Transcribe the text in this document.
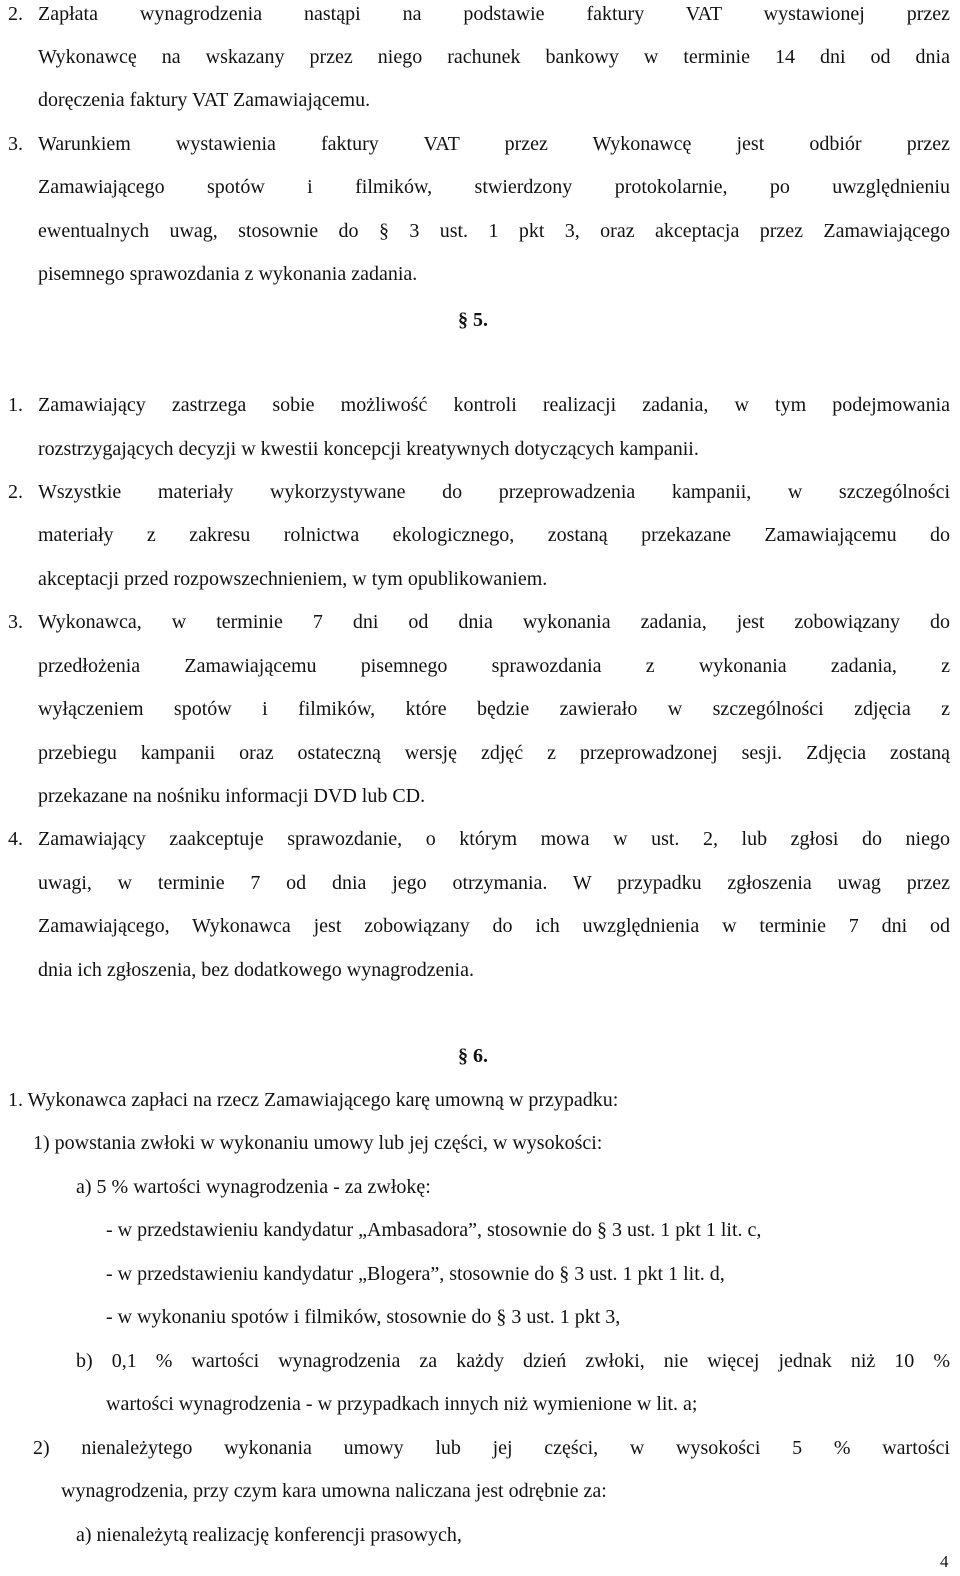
2. Zapłata wynagrodzenia nastąpi na podstawie faktury VAT wystawionej przez
Wykonawcę na wskazany przez niego rachunek bankowy w terminie 14 dni od dnia
doręczenia faktury VAT Zamawiającemu.
3. Warunkiem wystawienia faktury VAT przez Wykonawcę jest odbiór przez
Zamawiającego spotów i filmików, stwierdzony protokolarnie, po uwzględnieniu
ewentualnych uwag, stosownie do § 3 ust. 1 pkt 3, oraz akceptacja przez Zamawiającego
pisemnego sprawozdania z wykonania zadania.
§ 5.
1. Zamawiający zastrzega sobie możliwość kontroli realizacji zadania, w tym podejmowania
rozstrzygających decyzji w kwestii koncepcji kreatywnych dotyczących kampanii.
2. Wszystkie materiały wykorzystywane do przeprowadzenia kampanii, w szczególności
materiały z zakresu rolnictwa ekologicznego, zostaną przekazane Zamawiającemu do
akceptacji przed rozpowszechnieniem, w tym opublikowaniem.
3. Wykonawca, w terminie 7 dni od dnia wykonania zadania, jest zobowiązany do
przedłożenia Zamawiającemu pisemnego sprawozdania z wykonania zadania, z
wyłączeniem spotów i filmików, które będzie zawierało w szczególności zdjęcia z
przebiegu kampanii oraz ostateczną wersję zdjęć z przeprowadzonej sesji. Zdjęcia zostaną
przekazane na nośniku informacji DVD lub CD.
4. Zamawiający zaakceptuje sprawozdanie, o którym mowa w ust. 2, lub zgłosi do niego
uwagi, w terminie 7 od dnia jego otrzymania. W przypadku zgłoszenia uwag przez
Zamawiającego, Wykonawca jest zobowiązany do ich uwzględnienia w terminie 7 dni od
dnia ich zgłoszenia, bez dodatkowego wynagrodzenia.
§ 6.
1. Wykonawca zapłaci na rzecz Zamawiającego karę umowną w przypadku:
1) powstania zwłoki w wykonaniu umowy lub jej części, w wysokości:
a) 5 % wartości wynagrodzenia - za zwłokę:
- w przedstawieniu kandydatur „Ambasadora”, stosownie do § 3 ust. 1 pkt 1 lit. c,
- w przedstawieniu kandydatur „Blogera”, stosownie do § 3 ust. 1 pkt 1 lit. d,
- w wykonaniu spotów i filmików, stosownie do § 3 ust. 1 pkt 3,
b) 0,1 % wartości wynagrodzenia za każdy dzień zwłoki, nie więcej jednak niż 10 %
wartości wynagrodzenia - w przypadkach innych niż wymienione w lit. a;
2) nienależytego wykonania umowy lub jej części, w wysokości 5 % wartości
wynagrodzenia, przy czym kara umowna naliczana jest odrębnie za:
a) nienależytą realizację konferencji prasowych,
4
